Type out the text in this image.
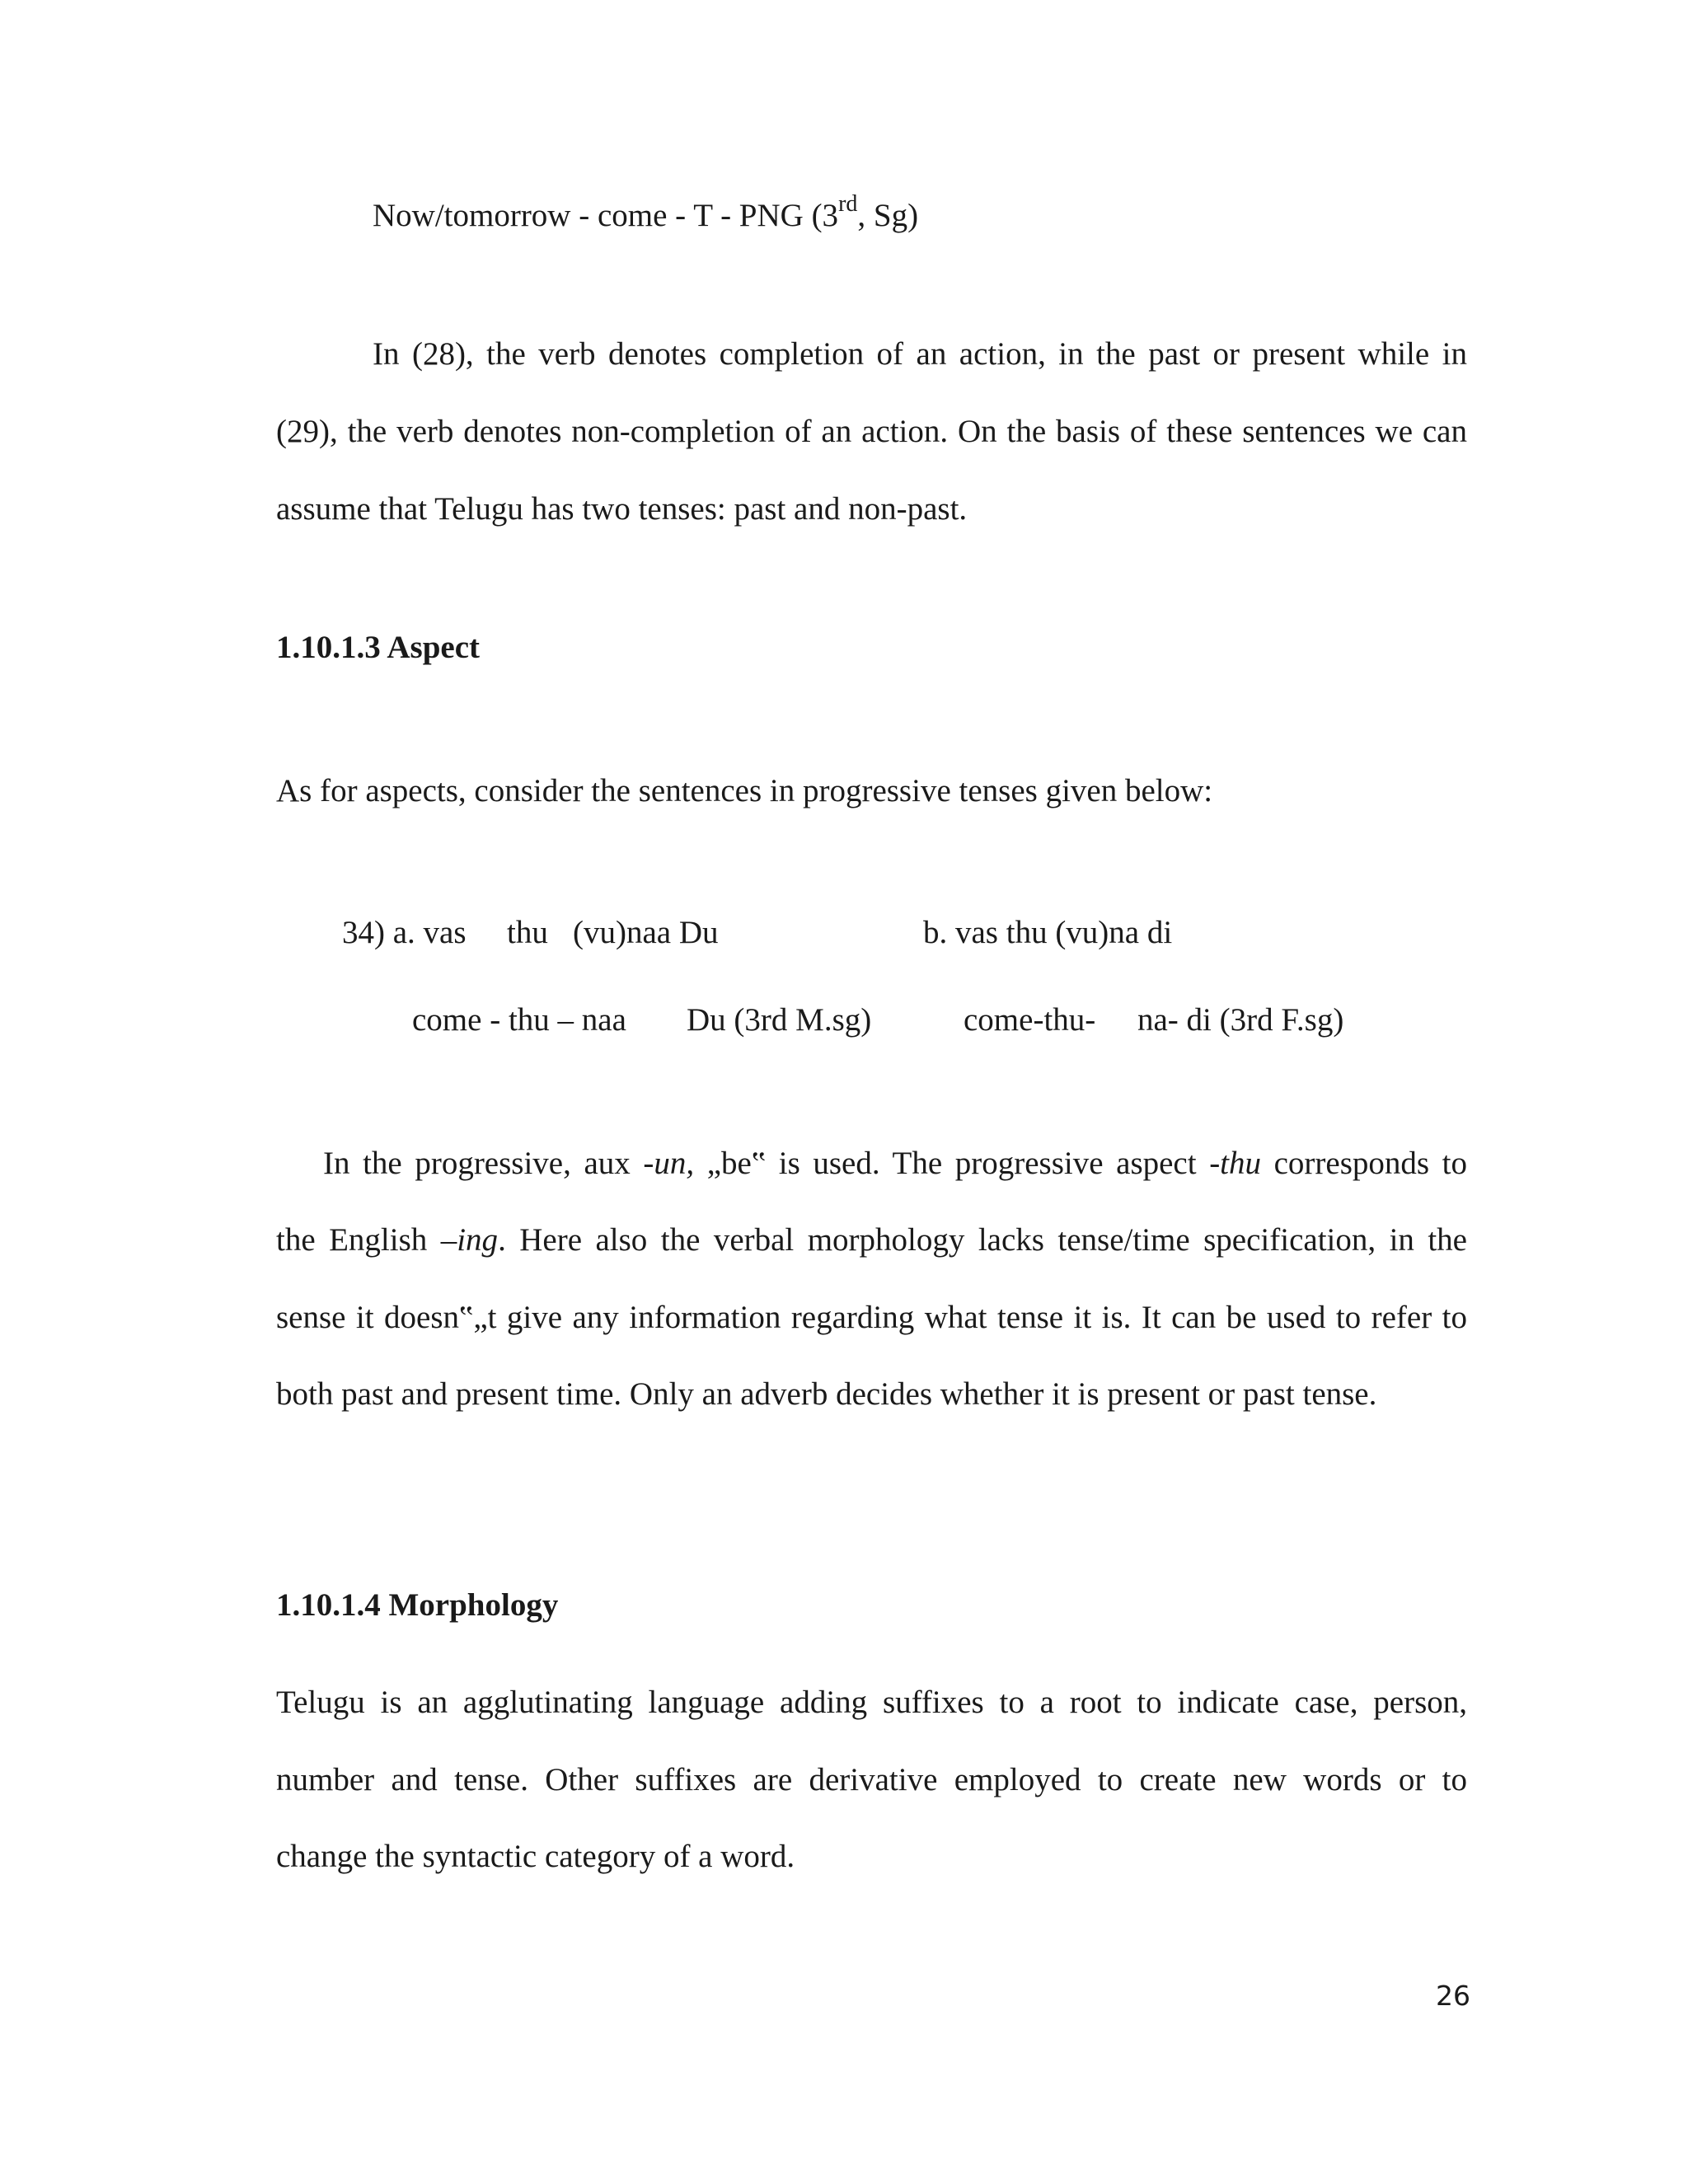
Now/tomorrow - come - T - PNG (3rd, Sg)
In (28), the verb denotes completion of an action, in the past or present while in
(29), the verb denotes non-completion of an action. On the basis of these sentences we can
assume that Telugu has two tenses: past and non-past.
1.10.1.3 Aspect
As for aspects, consider the sentences in progressive tenses given below:
34) a. vas thu (vu)naa Du	b. vas thu (vu)na di
come - thu – naa Du (3rd M.sg)	come-thu- na- di (3rd F.sg)
In the progressive, aux -un, „be‟ is used. The progressive aspect -thu corresponds to
the English –ing. Here also the verbal morphology lacks tense/time specification, in the
sense it doesn‟„t give any information regarding what tense it is. It can be used to refer to
both past and present time. Only an adverb decides whether it is present or past tense.
1.10.1.4 Morphology
Telugu is an agglutinating language adding suffixes to a root to indicate case, person,
number and tense. Other suffixes are derivative employed to create new words or to
change the syntactic category of a word.
26
